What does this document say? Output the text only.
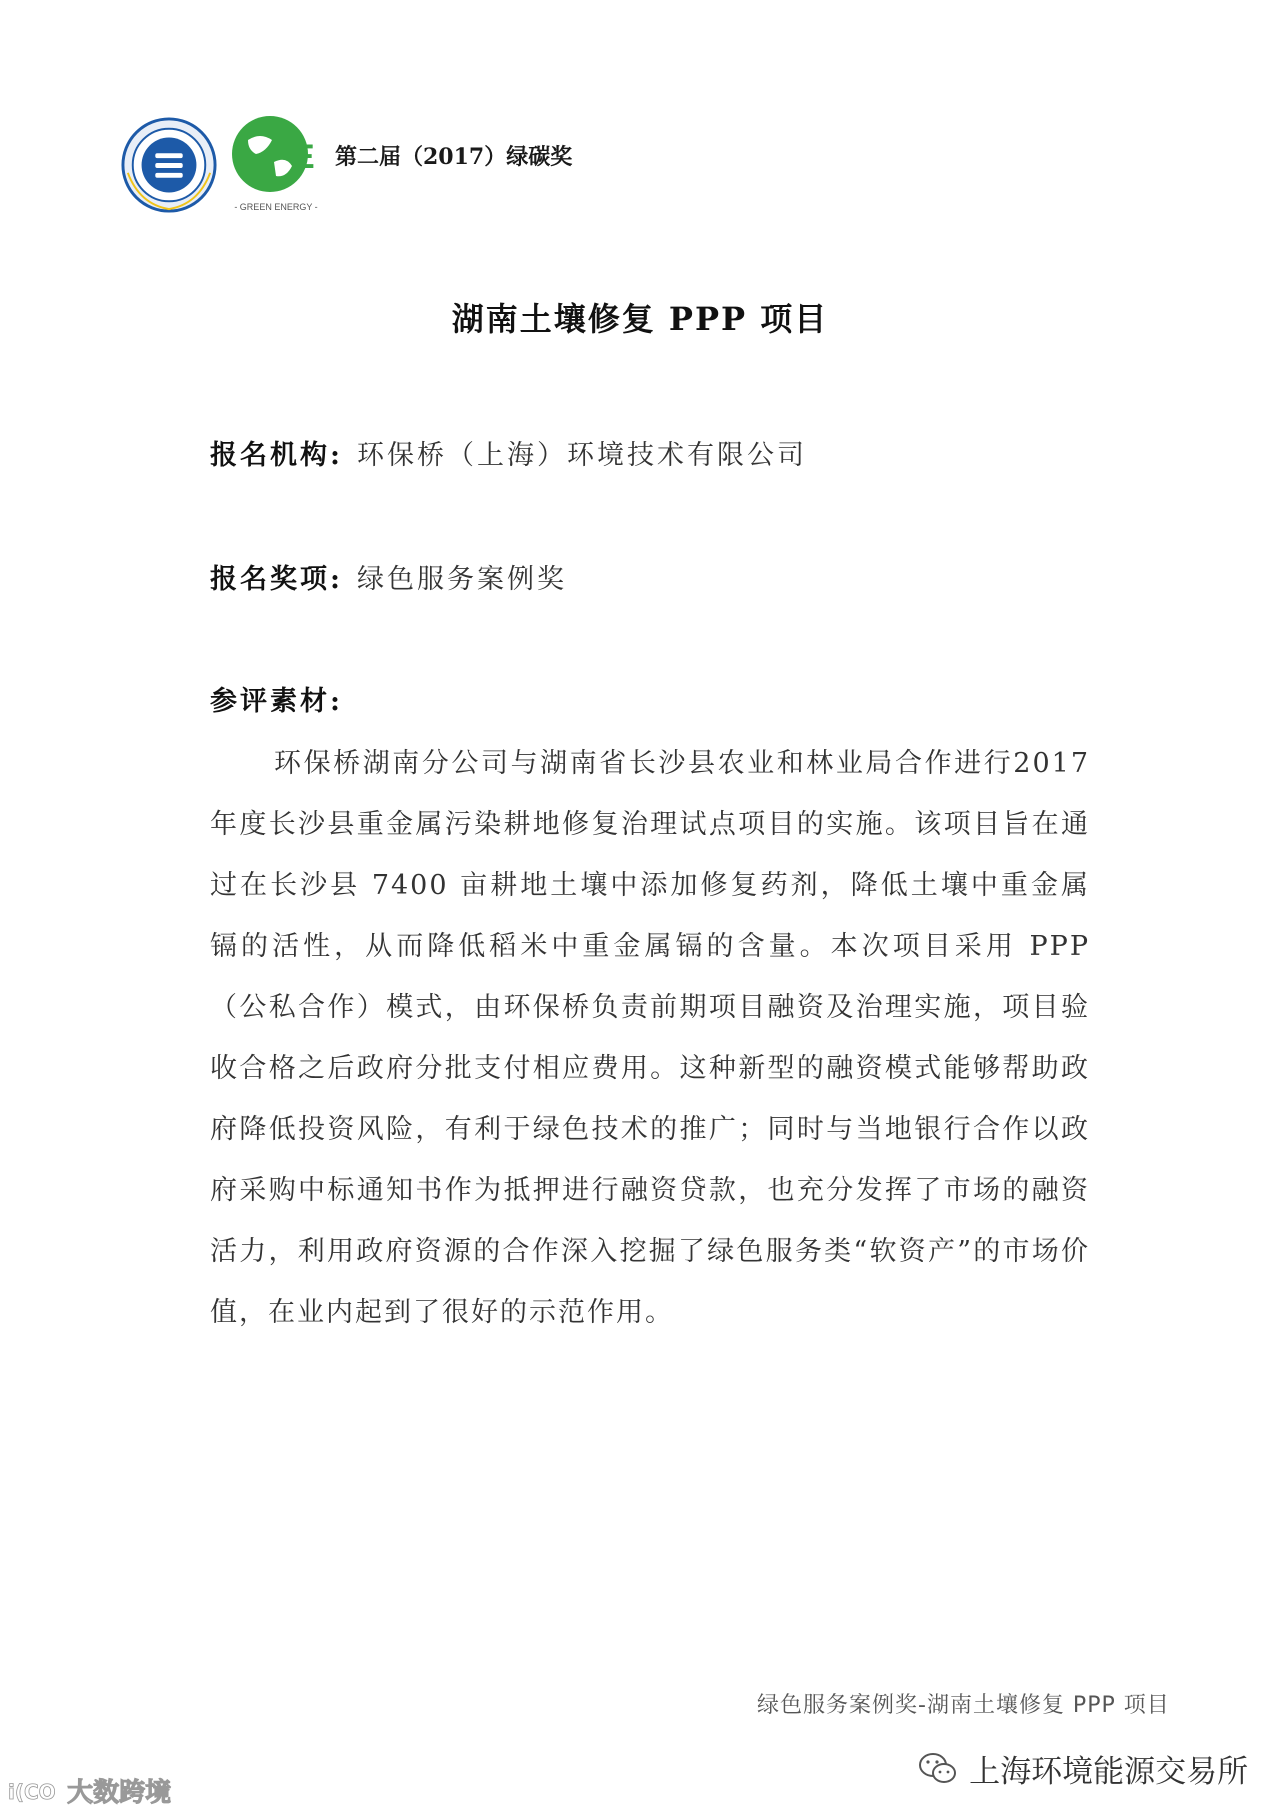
E
- GREEN ENERGY -
第二届（2017）绿碳奖
湖南土壤修复 PPP 项目
报名机构: 环保桥（上海）环境技术有限公司
报名奖项: 绿色服务案例奖
参评素材:

环保桥湖南分公司与湖南省长沙县农业和林业局合作进行2017年度长沙县重金属污染耕地修复治理试点项目的实施。该项目旨在通过在长沙县 7400 亩耕地土壤中添加修复药剂，降低土壤中重金属镉的活性，从而降低稻米中重金属镉的含量。本次项目采用 PPP（公私合作）模式，由环保桥负责前期项目融资及治理实施，项目验收合格之后政府分批支付相应费用。这种新型的融资模式能够帮助政府降低投资风险，有利于绿色技术的推广；同时与当地银行合作以政府采购中标通知书作为抵押进行融资贷款，也充分发挥了市场的融资活力，利用政府资源的合作深入挖掘了绿色服务类“软资产”的市场价值，在业内起到了很好的示范作用。

绿色服务案例奖-湖南土壤修复 PPP 项目
上海环境能源交易所
i(CO 大数跨境
